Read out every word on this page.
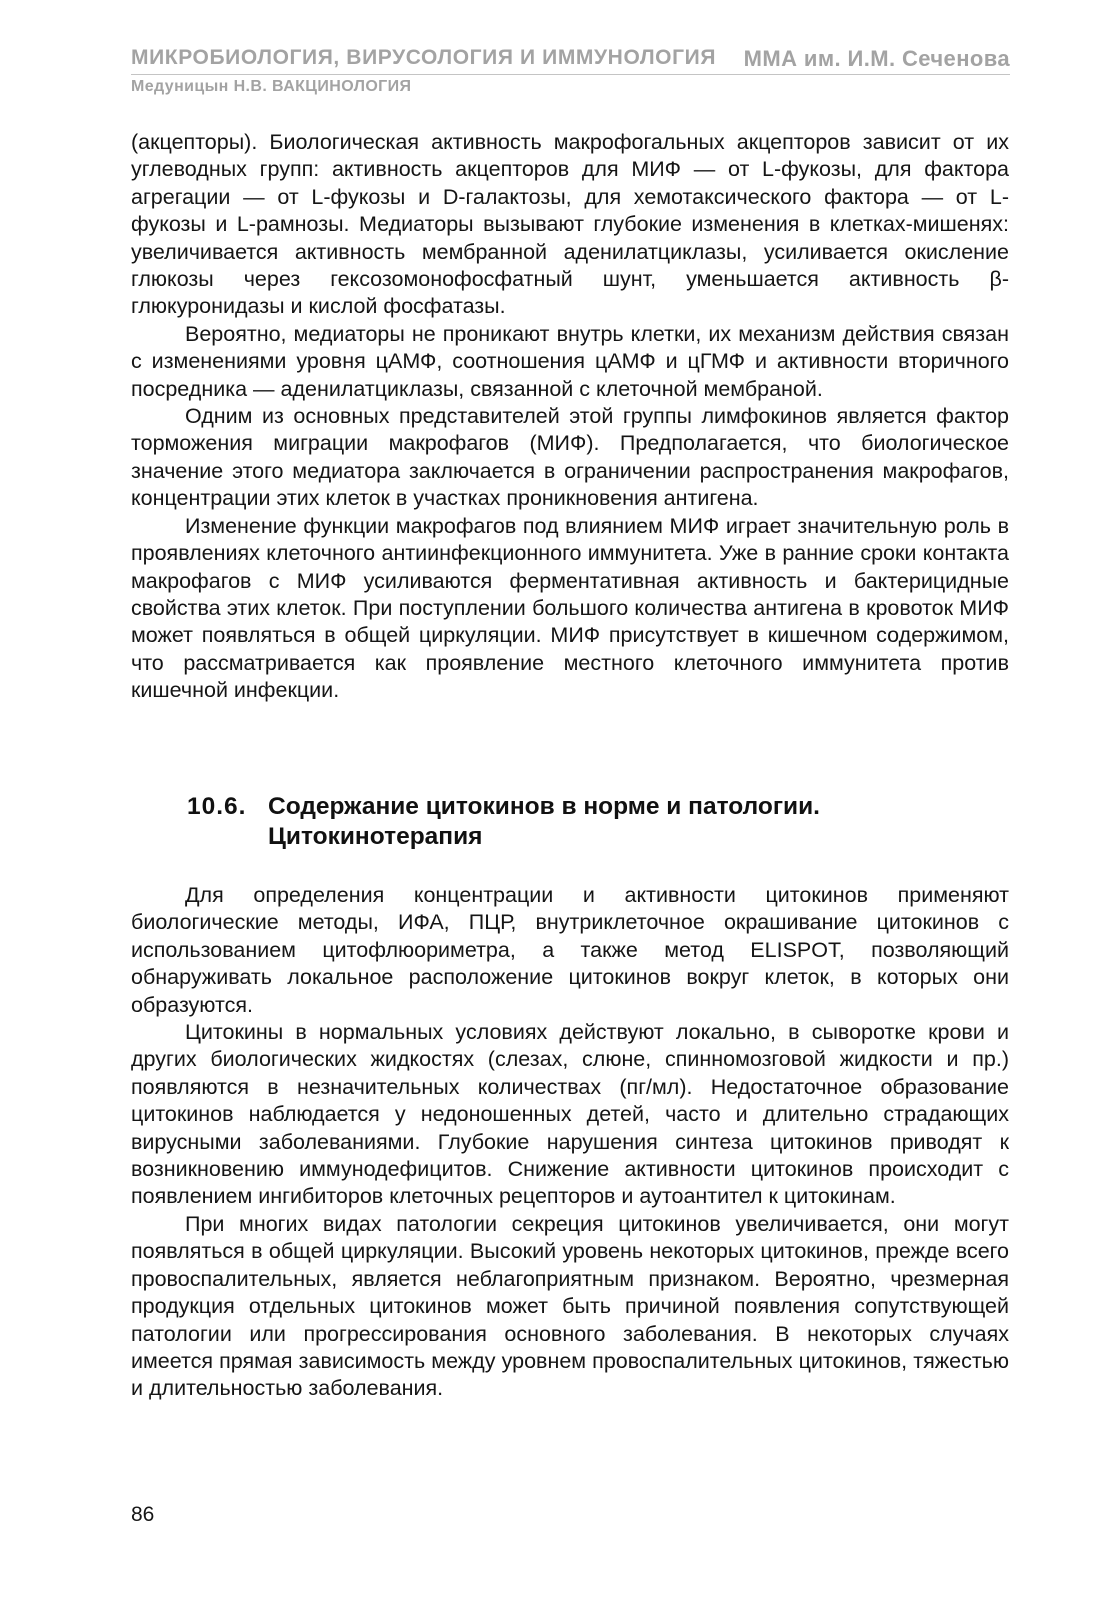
МИКРОБИОЛОГИЯ, ВИРУСОЛОГИЯ И ИММУНОЛОГИЯ ММА им. И.М. Сеченова
Медуницын Н.В. ВАКЦИНОЛОГИЯ

(акцепторы). Биологическая активность макрофогальных акцепторов зависит от их углеводных групп: активность акцепторов для МИФ — от L-фукозы, для фактора агрегации — от L-фукозы и D-галактозы, для хемотаксического фактора — от L-фукозы и L-рамнозы. Медиаторы вызывают глубокие изменения в клетках-мишенях: увеличивается активность мембранной аденилатциклазы, усиливается окисление глюкозы через гексозомонофосфатный шунт, уменьшается активность β-глюкуронидазы и кислой фосфатазы.

Вероятно, медиаторы не проникают внутрь клетки, их механизм действия связан с изменениями уровня цАМФ, соотношения цАМФ и цГМФ и активности вторичного посредника — аденилатциклазы, связанной с клеточной мембраной.

Одним из основных представителей этой группы лимфокинов является фактор торможения миграции макрофагов (МИФ). Предполагается, что биологическое значение этого медиатора заключается в ограничении распространения макрофагов, концентрации этих клеток в участках проникновения антигена.

Изменение функции макрофагов под влиянием МИФ играет значительную роль в проявлениях клеточного антиинфекционного иммунитета. Уже в ранние сроки контакта макрофагов с МИФ усиливаются ферментативная активность и бактерицидные свойства этих клеток. При поступлении большого количества антигена в кровоток МИФ может появляться в общей циркуляции. МИФ присутствует в кишечном содержимом, что рассматривается как проявление местного клеточного иммунитета против кишечной инфекции.

10.6. Содержание цитокинов в норме и патологии.
Цитокинотерапия

Для определения концентрации и активности цитокинов применяют биологические методы, ИФА, ПЦР, внутриклеточное окрашивание цитокинов с использованием цитофлюориметра, а также метод ELISPOT, позволяющий обнаруживать локальное расположение цитокинов вокруг клеток, в которых они образуются.

Цитокины в нормальных условиях действуют локально, в сыворотке крови и других биологических жидкостях (слезах, слюне, спинномозговой жидкости и пр.) появляются в незначительных количествах (пг/мл). Недостаточное образование цитокинов наблюдается у недоношенных детей, часто и длительно страдающих вирусными заболеваниями. Глубокие нарушения синтеза цитокинов приводят к возникновению иммунодефицитов. Снижение активности цитокинов происходит с появлением ингибиторов клеточных рецепторов и аутоантител к цитокинам.

При многих видах патологии секреция цитокинов увеличивается, они могут появляться в общей циркуляции. Высокий уровень некоторых цитокинов, прежде всего провоспалительных, является неблагоприятным признаком. Вероятно, чрезмерная продукция отдельных цитокинов может быть причиной появления сопутствующей патологии или прогрессирования основного заболевания. В некоторых случаях имеется прямая зависимость между уровнем провоспалительных цитокинов, тяжестью и длительностью заболевания.

86
